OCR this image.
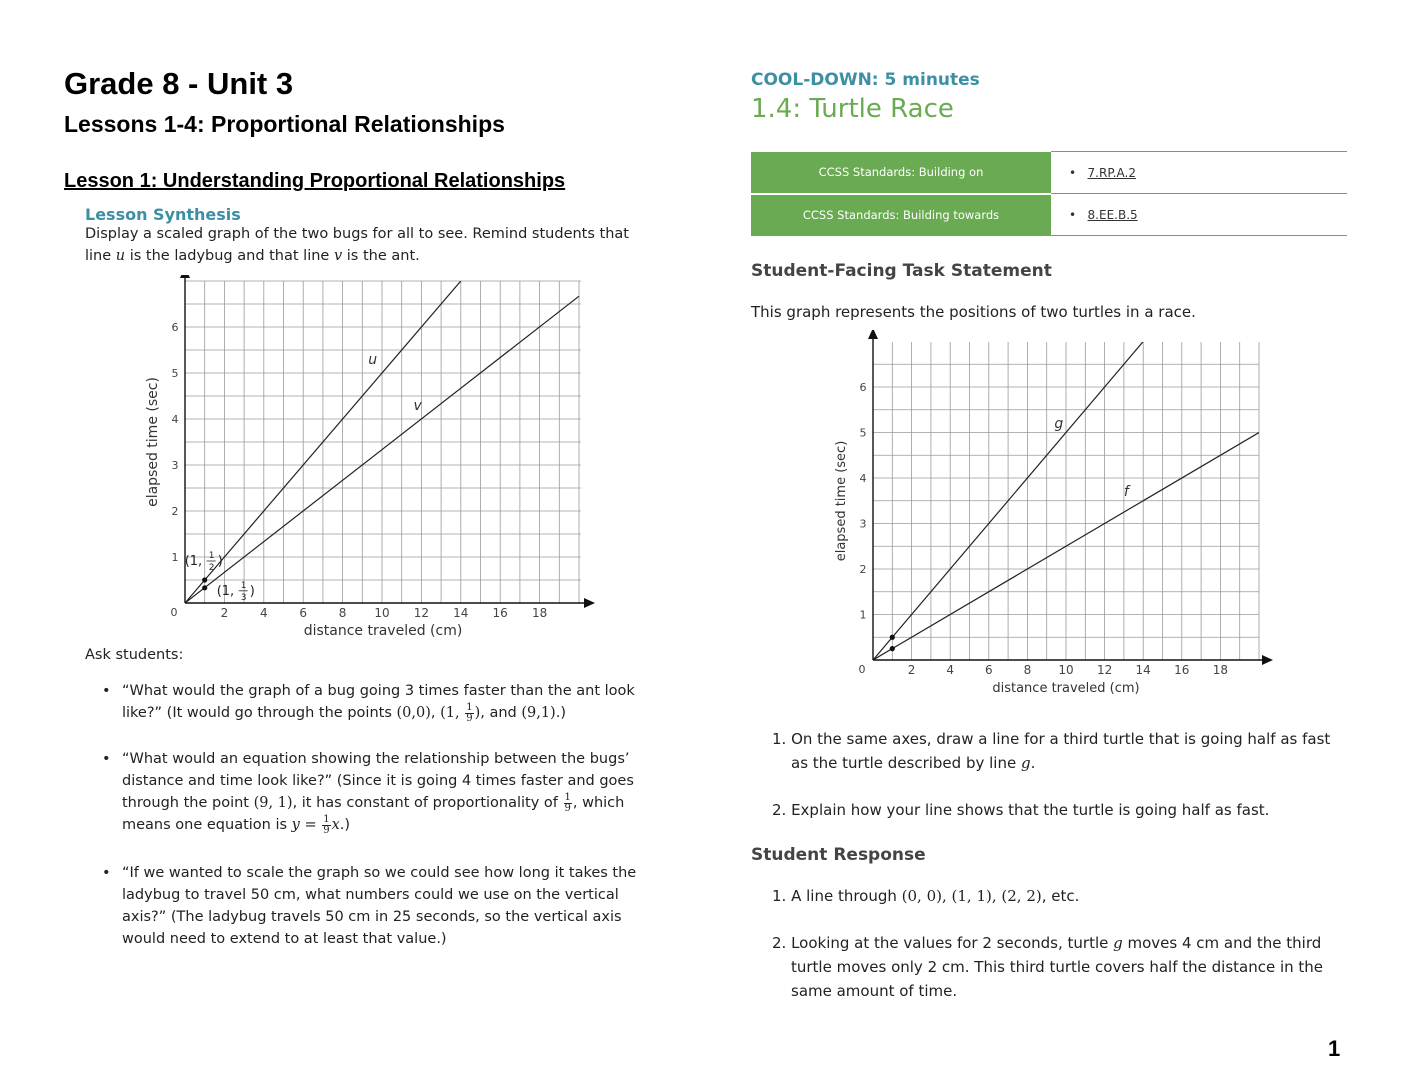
Grade 8 - Unit 3
Lessons 1-4: Proportional Relationships
Lesson 1: Understanding Proportional Relationships
Lesson Synthesis
Display a scaled graph of the two bugs for all to see. Remind students that
line u is the ladybug and that line v is the ant.
2	4	6	8 10 12 14 16 18
1
2
3
4
5
6
0
distance traveled (cm)
elapsed time (sec)
u
v
(1, 1
2 )
(1, 1
3 )
Ask students:
• “What would the graph of a bug going 3 times faster than the ant look
like?” (It would go through the points (0,0), (1, $\frac{1}{9}$ ), and (9,1).)
• “What would an equation showing the relationship between the bugs’
distance and time look like?” (Since it is going 4 times faster and goes
through the point (9, 1), it has constant of proportionality of $\frac{1}{9}$ , which
means one equation is $y = \frac{1}{9} x$.)
• “If we wanted to scale the graph so we could see how long it takes the
ladybug to travel 50 cm, what numbers could we use on the vertical
axis?” (The ladybug travels 50 cm in 25 seconds, so the vertical axis
would need to extend to at least that value.)
COOL-DOWN: 5 minutes
1.4: Turtle Race
CCSS Standards: Building on	•   7.RP.A.2
CCSS Standards: Building towards	•   8.EE.B.5
Student-Facing Task Statement
This graph represents the positions of two turtles in a race.
2	4	6	8 10 12 14 16 18
1
2
3
4
5
6
0
distance traveled (cm)
elapsed time (sec)
g
f
1. On the same axes, draw a line for a third turtle that is going half as fast
as the turtle described by line g.
2. Explain how your line shows that the turtle is going half as fast.
Student Response
1. A line through (0, 0), (1, 1), (2, 2), etc.
2. Looking at the values for 2 seconds, turtle g moves 4 cm and the third
turtle moves only 2 cm. This third turtle covers half the distance in the
same amount of time.
1
